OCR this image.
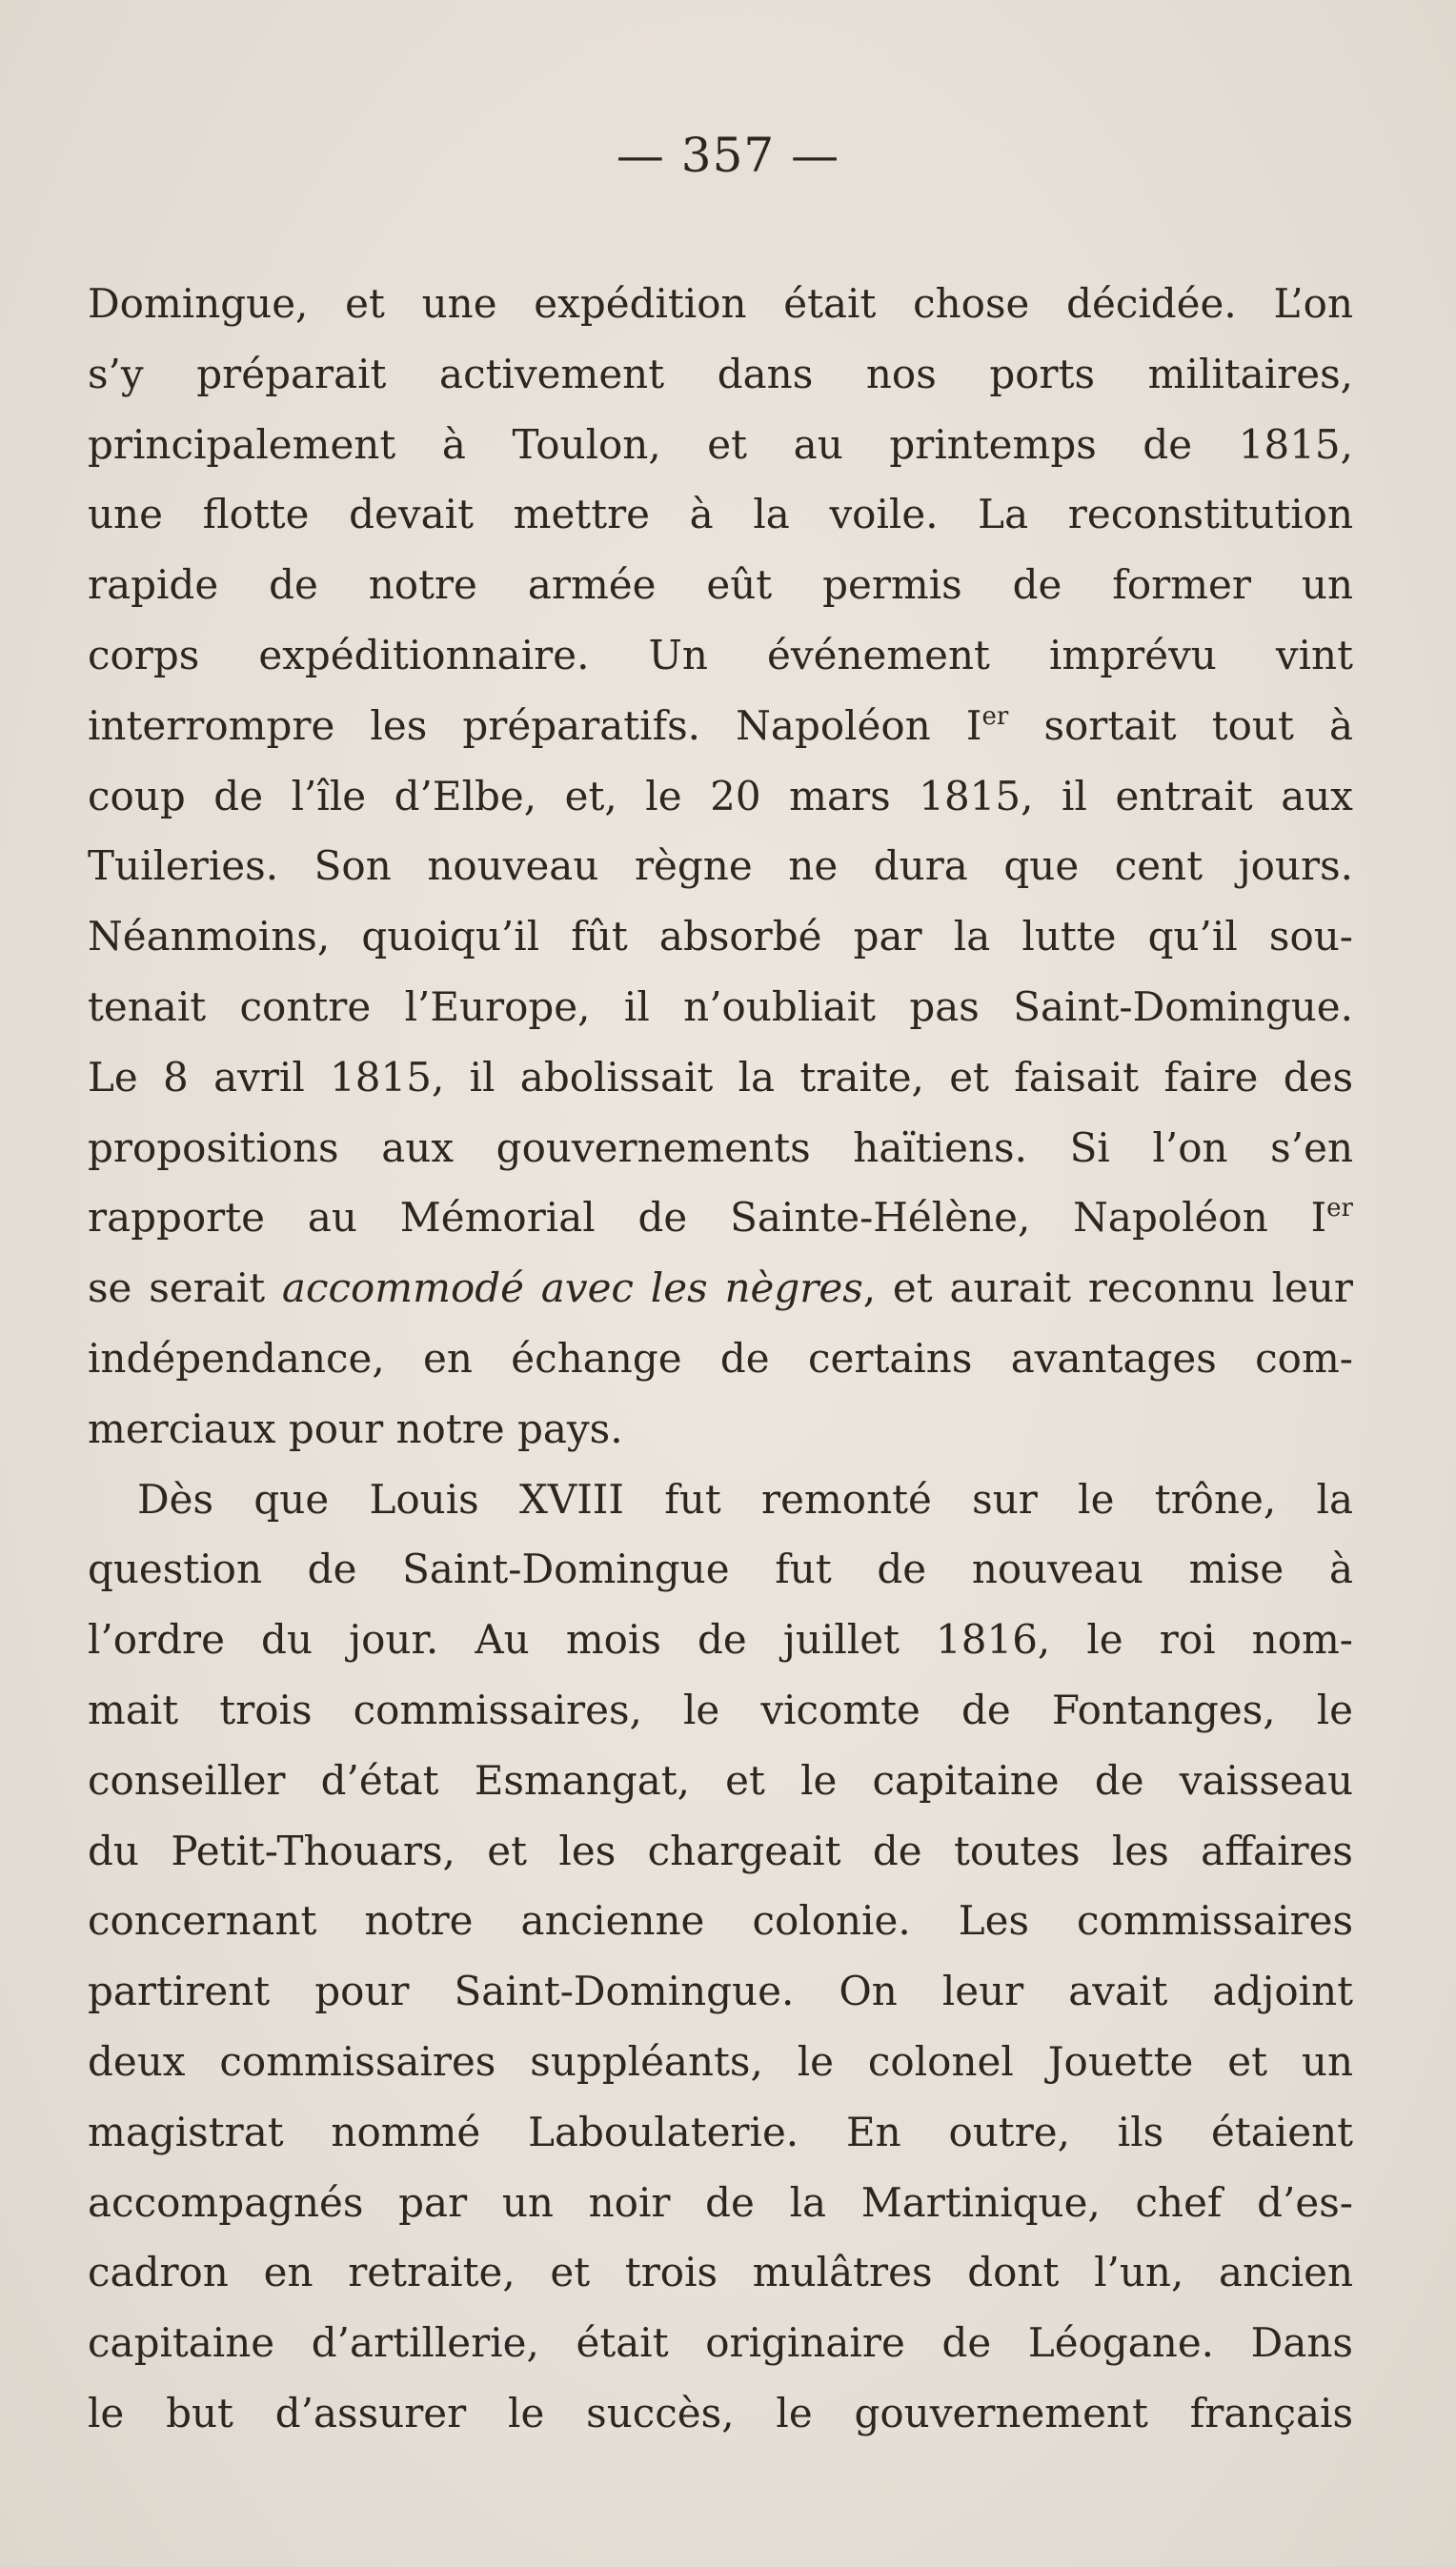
— 357 —
Domingue, et une expédition était chose décidée. L’on
s’y préparait activement dans nos ports militaires,
principalement à Toulon, et au printemps de 1815,
une flotte devait mettre à la voile. La reconstitution
rapide de notre armée eût permis de former un
corps expéditionnaire. Un événement imprévu vint
interrompre les préparatifs. Napoléon Ier sortait tout à
coup de l’île d’Elbe, et, le 20 mars 1815, il entrait aux
Tuileries. Son nouveau règne ne dura que cent jours.
Néanmoins, quoiqu’il fût absorbé par la lutte qu’il sou-
tenait contre l’Europe, il n’oubliait pas Saint-Domingue.
Le 8 avril 1815, il abolissait la traite, et faisait faire des
propositions aux gouvernements haïtiens. Si l’on s’en
rapporte au Mémorial de Sainte-Hélène, Napoléon Ier
se serait accommodé avec les nègres, et aurait reconnu leur
indépendance, en échange de certains avantages com-
merciaux pour notre pays.
Dès que Louis XVIII fut remonté sur le trône, la
question de Saint-Domingue fut de nouveau mise à
l’ordre du jour. Au mois de juillet 1816, le roi nom-
mait trois commissaires, le vicomte de Fontanges, le
conseiller d’état Esmangat, et le capitaine de vaisseau
du Petit-Thouars, et les chargeait de toutes les affaires
concernant notre ancienne colonie. Les commissaires
partirent pour Saint-Domingue. On leur avait adjoint
deux commissaires suppléants, le colonel Jouette et un
magistrat nommé Laboulaterie. En outre, ils étaient
accompagnés par un noir de la Martinique, chef d’es-
cadron en retraite, et trois mulâtres dont l’un, ancien
capitaine d’artillerie, était originaire de Léogane. Dans
le but d’assurer le succès, le gouvernement français
